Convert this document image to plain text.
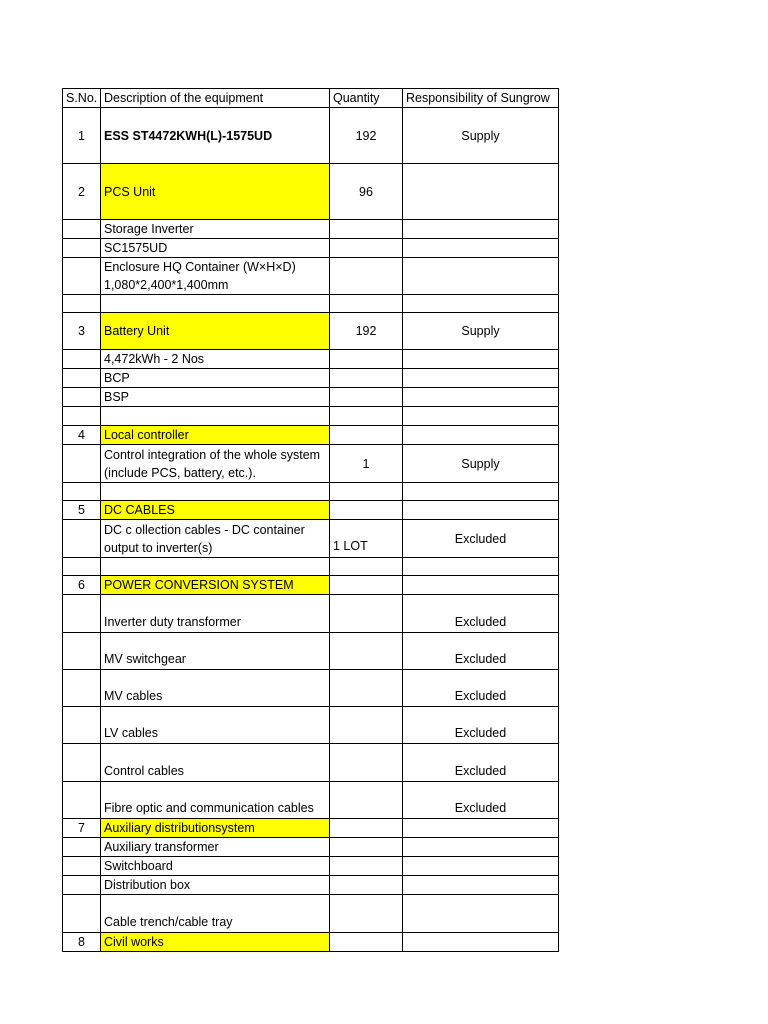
S.No.	Description of the equipment	Quantity	Responsibility of Sungrow
1	ESS ST4472KWH(L)-1575UD	192	Supply
2	PCS Unit	96	
	Storage Inverter		
	SC1575UD		

	Enclosure HQ Container (W×H×D)
1,080*2,400*1,400mm		

3	Battery Unit	192	Supply
	4,472kWh - 2 Nos		
	BCP		
	BSP		

4	Local controller		

	Control integration of the whole system
(include PCS, battery, etc.).	1	Supply

5	DC CABLES		

	DC c ollection cables - DC container
output to inverter(s)	1 LOT	Excluded

6	POWER CONVERSION SYSTEM		
	Inverter duty transformer		Excluded
	MV switchgear		Excluded
	MV cables		Excluded
	LV cables		Excluded
	Control cables		Excluded
	Fibre optic and communication cables		Excluded
7	Auxiliary distributionsystem		
	Auxiliary transformer		
	Switchboard		
	Distribution box		
	Cable trench/cable tray		
8	Civil works		
